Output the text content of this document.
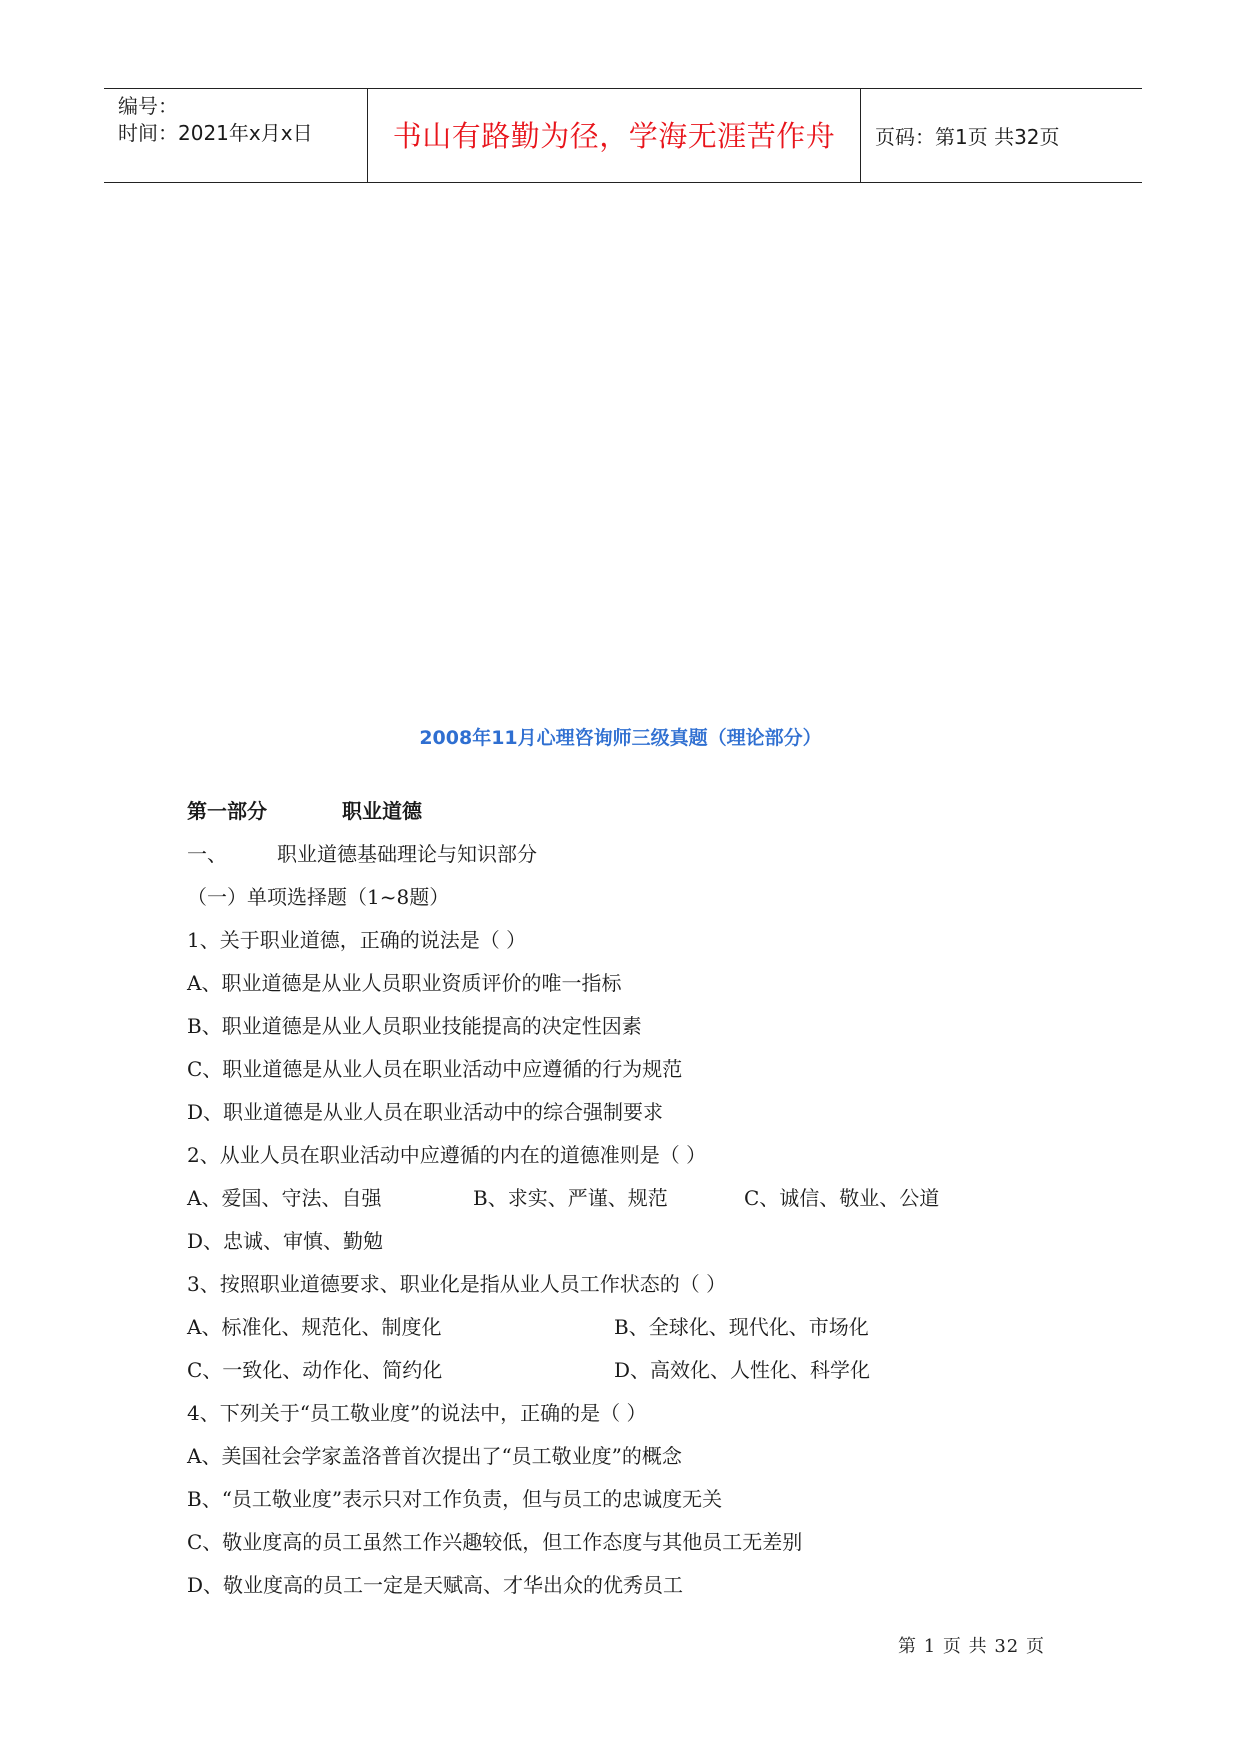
编号：
时间：2021年x月x日	书山有路勤为径，学海无涯苦作舟 页码：第1页 共32页
2008年11月心理咨询师三级真题（理论部分）
第一部分	职业道德
一、	职业道德基础理论与知识部分
（一）单项选择题（1~8题）
1、关于职业道德，正确的说法是（ ）
A、职业道德是从业人员职业资质评价的唯一指标
B、职业道德是从业人员职业技能提高的决定性因素
C、职业道德是从业人员在职业活动中应遵循的行为规范
D、职业道德是从业人员在职业活动中的综合强制要求
2、从业人员在职业活动中应遵循的内在的道德准则是（ ）
A、爱国、守法、自强	B、求实、严谨、规范	C、诚信、敬业、公道
D、忠诚、审慎、勤勉
3、按照职业道德要求、职业化是指从业人员工作状态的（ ）
A、标准化、规范化、制度化	B、全球化、现代化、市场化
C、一致化、动作化、简约化	D、高效化、人性化、科学化
4、下列关于“员工敬业度”的说法中，正确的是（ ）
A、美国社会学家盖洛普首次提出了“员工敬业度”的概念
B、“员工敬业度”表示只对工作负责，但与员工的忠诚度无关
C、敬业度高的员工虽然工作兴趣较低，但工作态度与其他员工无差别
D、敬业度高的员工一定是天赋高、才华出众的优秀员工
第 1 页 共 32 页
